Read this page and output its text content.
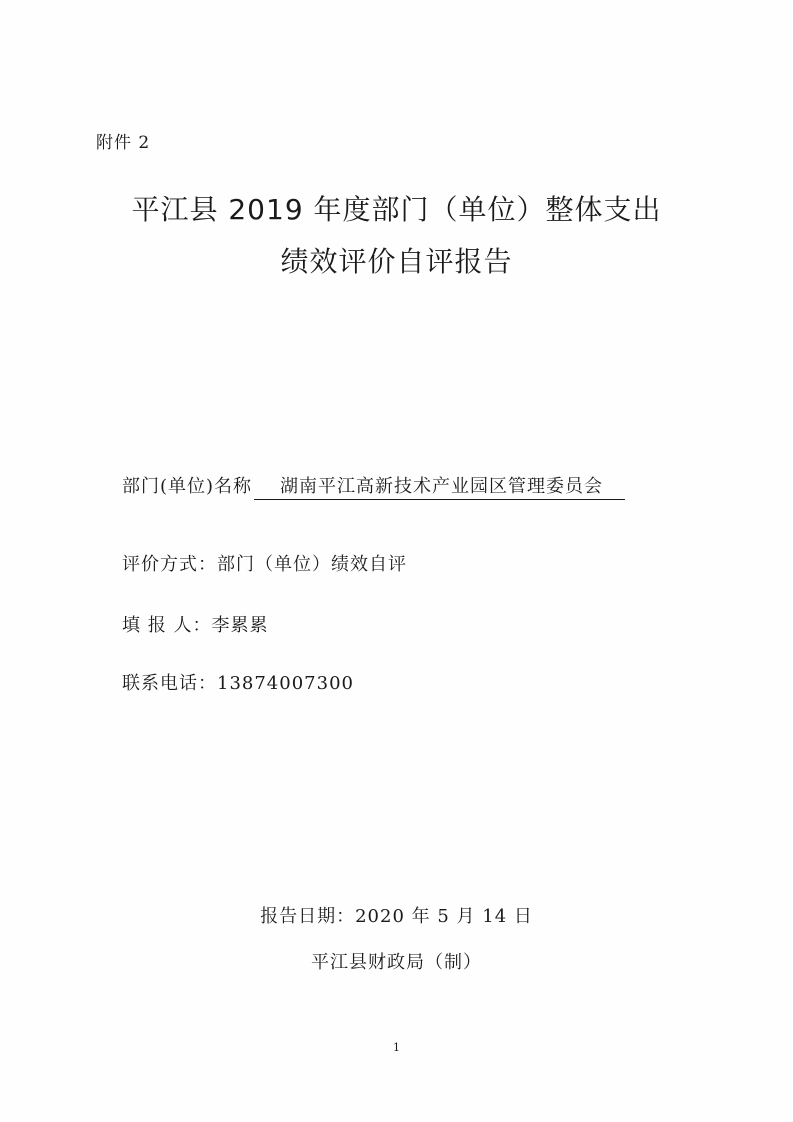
附件 2
平江县 2019 年度部门（单位）整体支出
绩效评价自评报告
部门(单位)名称 湖南平江高新技术产业园区管理委员会
评价方式：部门（单位）绩效自评
填 报 人：李累累
联系电话：13874007300
报告日期：2020 年 5 月 14 日
平江县财政局（制）
1
